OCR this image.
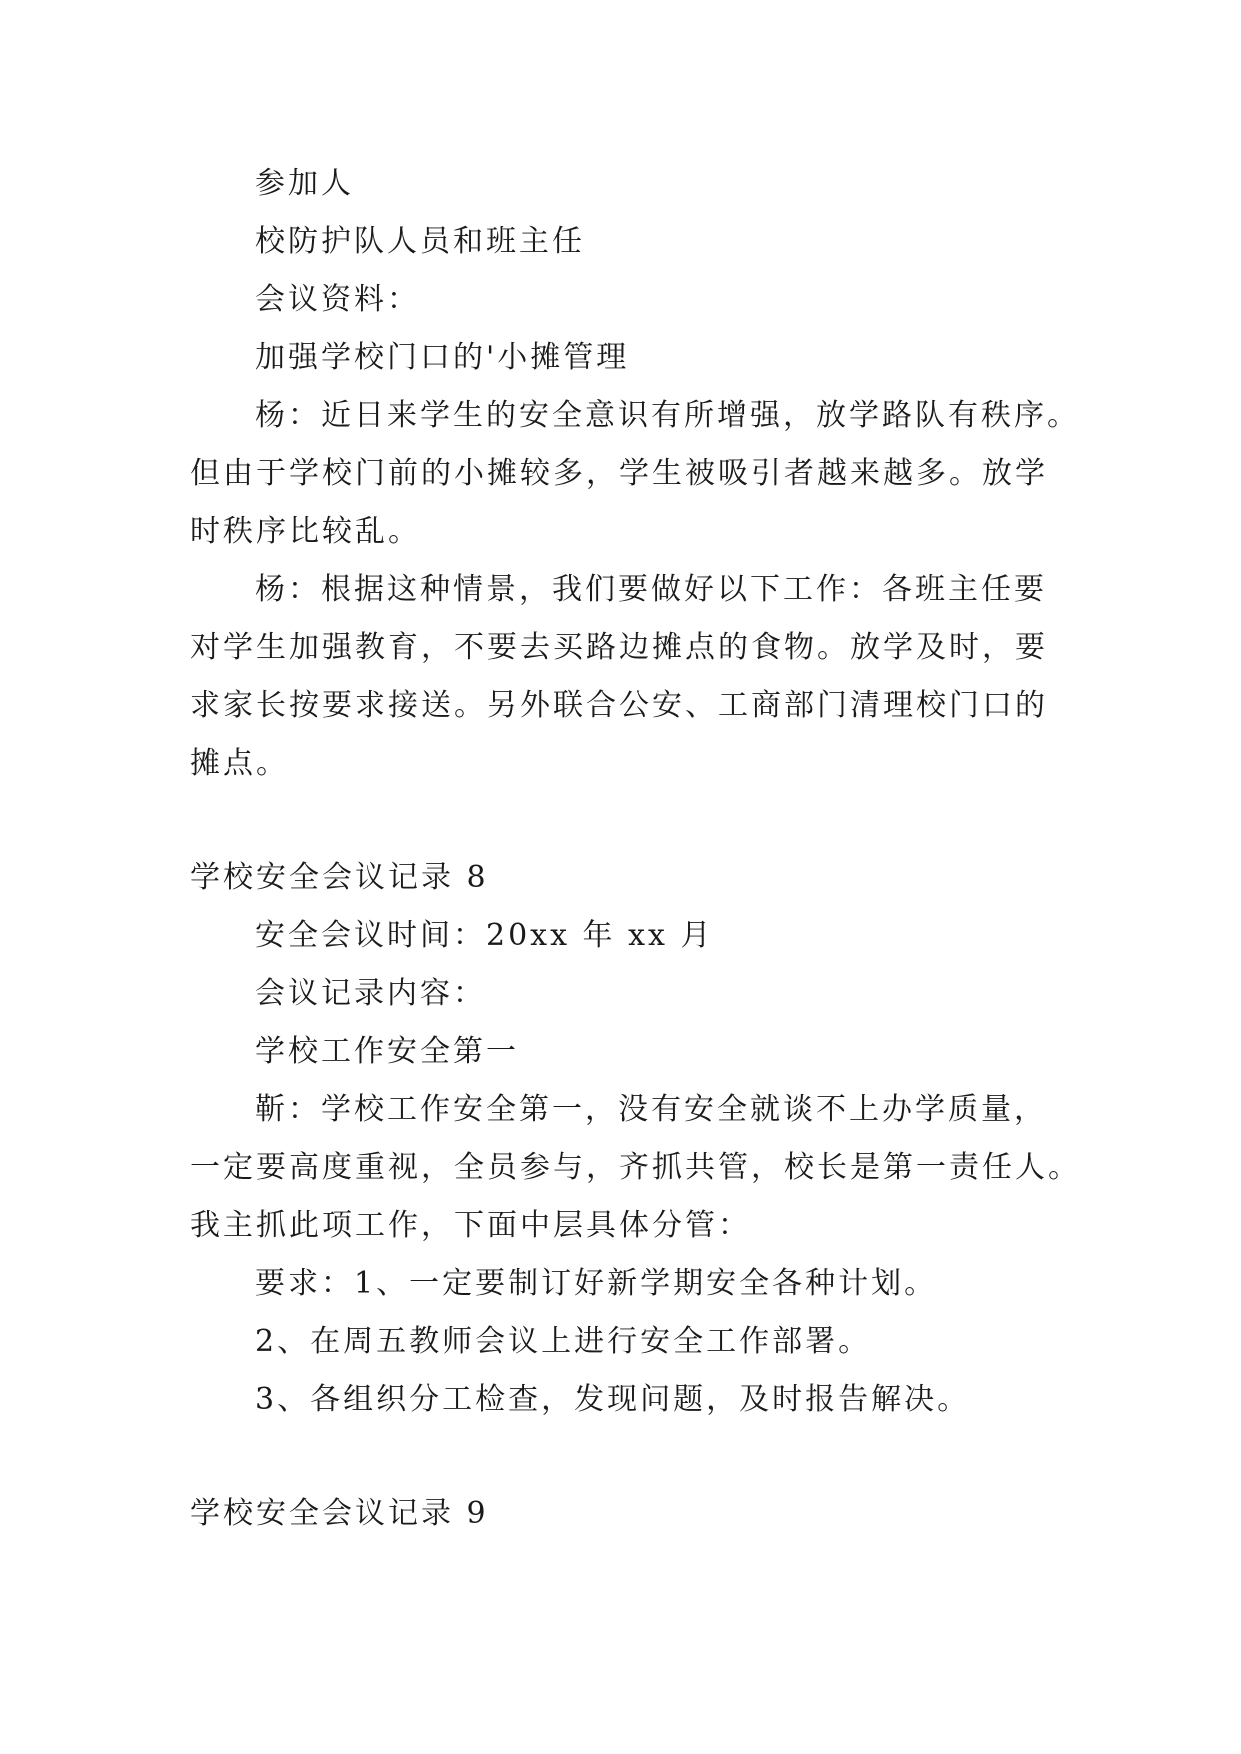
参加人

校防护队人员和班主任

会议资料：

加强学校门口的'小摊管理

杨：近日来学生的安全意识有所增强，放学路队有秩序。

但由于学校门前的小摊较多，学生被吸引者越来越多。放学

时秩序比较乱。

杨：根据这种情景，我们要做好以下工作：各班主任要

对学生加强教育，不要去买路边摊点的食物。放学及时，要

求家长按要求接送。另外联合公安、工商部门清理校门口的

摊点。

学校安全会议记录 8

安全会议时间：20xx 年 xx 月

会议记录内容：

学校工作安全第一

靳：学校工作安全第一，没有安全就谈不上办学质量，

一定要高度重视，全员参与，齐抓共管，校长是第一责任人。

我主抓此项工作，下面中层具体分管：

要求：1、一定要制订好新学期安全各种计划。

2、在周五教师会议上进行安全工作部署。

3、各组织分工检查，发现问题，及时报告解决。

学校安全会议记录 9
